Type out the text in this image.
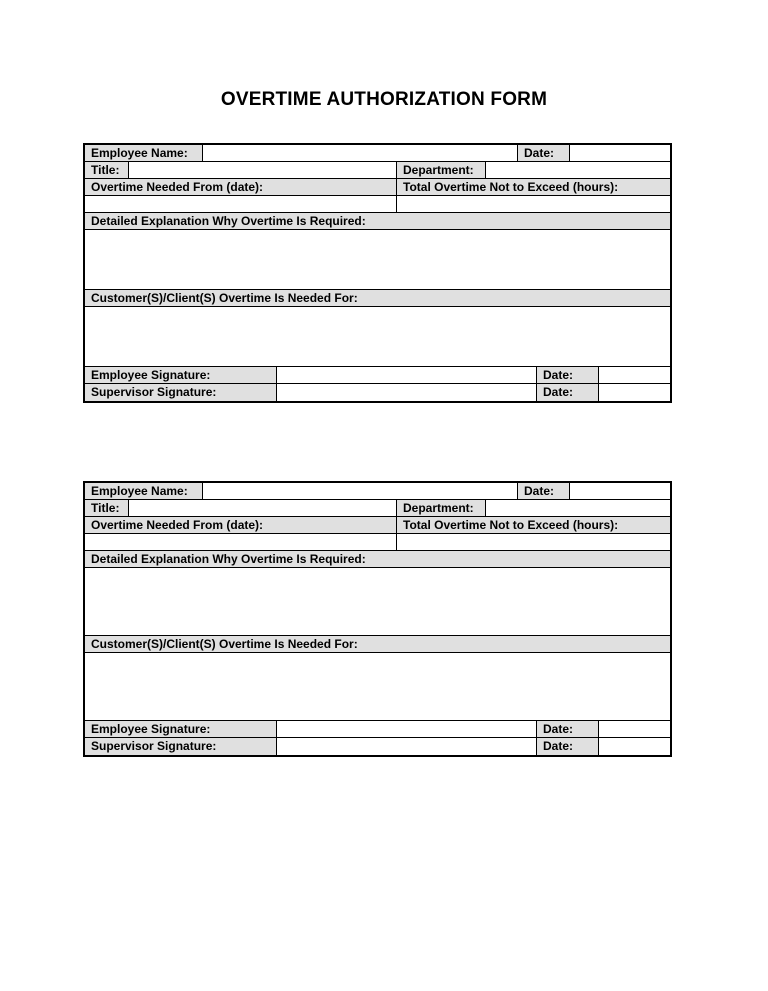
OVERTIME AUTHORIZATION FORM
Employee Name:	Date:
Title:	Department:
Overtime Needed From (date):	Total Overtime Not to Exceed (hours):
Detailed Explanation Why Overtime Is Required:
Customer(S)/Client(S) Overtime Is Needed For:
Employee Signature:	Date:
Supervisor Signature:	Date:
Employee Name:	Date:
Title:	Department:
Overtime Needed From (date):	Total Overtime Not to Exceed (hours):
Detailed Explanation Why Overtime Is Required:
Customer(S)/Client(S) Overtime Is Needed For:
Employee Signature:	Date:
Supervisor Signature:	Date:
